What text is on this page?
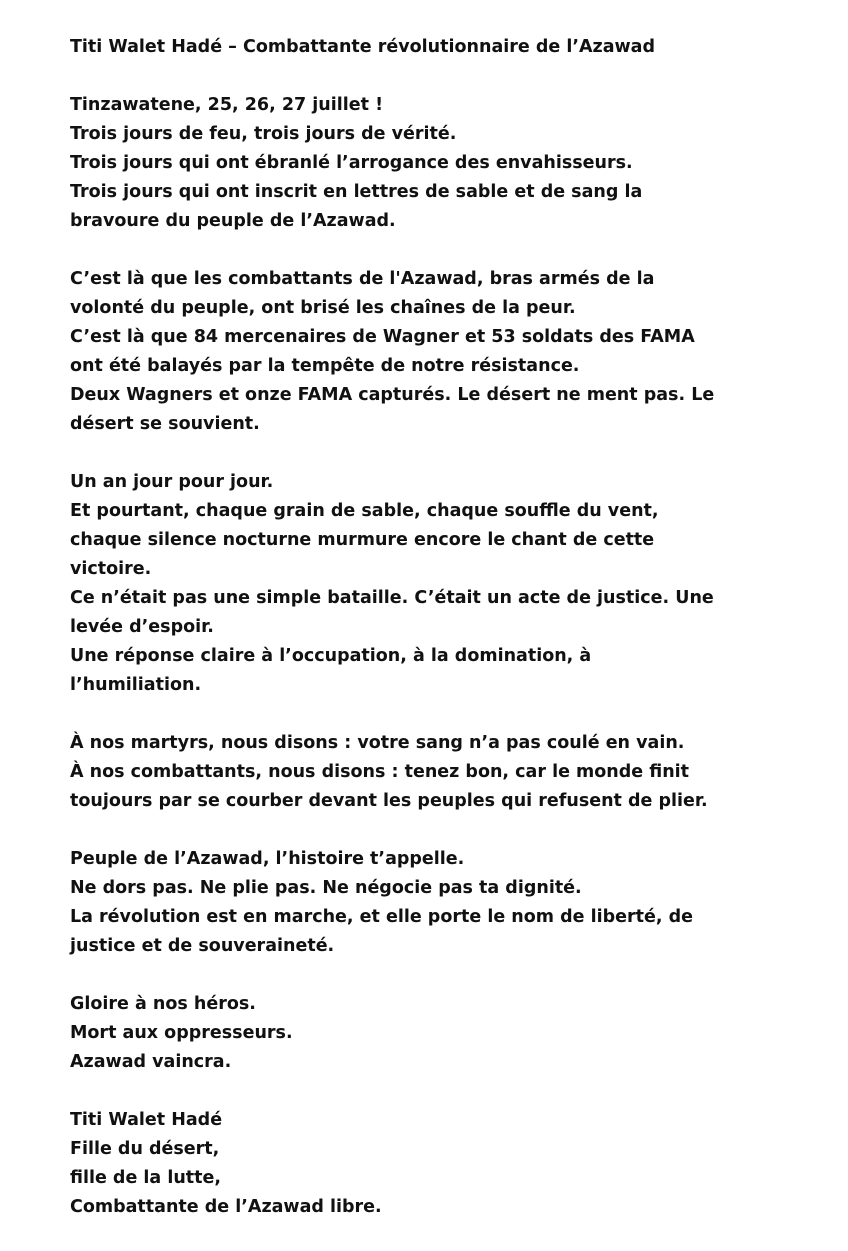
Titi Walet Hadé – Combattante révolutionnaire de l’Azawad
Tinzawatene, 25, 26, 27 juillet !
Trois jours de feu, trois jours de vérité.
Trois jours qui ont ébranlé l’arrogance des envahisseurs.
Trois jours qui ont inscrit en lettres de sable et de sang la
bravoure du peuple de l’Azawad.
C’est là que les combattants de l'Azawad, bras armés de la
volonté du peuple, ont brisé les chaînes de la peur.
C’est là que 84 mercenaires de Wagner et 53 soldats des FAMA
ont été balayés par la tempête de notre résistance.
Deux Wagners et onze FAMA capturés. Le désert ne ment pas. Le
désert se souvient.
Un an jour pour jour.
Et pourtant, chaque grain de sable, chaque souffle du vent,
chaque silence nocturne murmure encore le chant de cette
victoire.
Ce n’était pas une simple bataille. C’était un acte de justice. Une
levée d’espoir.
Une réponse claire à l’occupation, à la domination, à
l’humiliation.
À nos martyrs, nous disons : votre sang n’a pas coulé en vain.
À nos combattants, nous disons : tenez bon, car le monde finit
toujours par se courber devant les peuples qui refusent de plier.
Peuple de l’Azawad, l’histoire t’appelle.
Ne dors pas. Ne plie pas. Ne négocie pas ta dignité.
La révolution est en marche, et elle porte le nom de liberté, de
justice et de souveraineté.
Gloire à nos héros.
Mort aux oppresseurs.
Azawad vaincra.
Titi Walet Hadé
Fille du désert,
fille de la lutte,
Combattante de l’Azawad libre.
